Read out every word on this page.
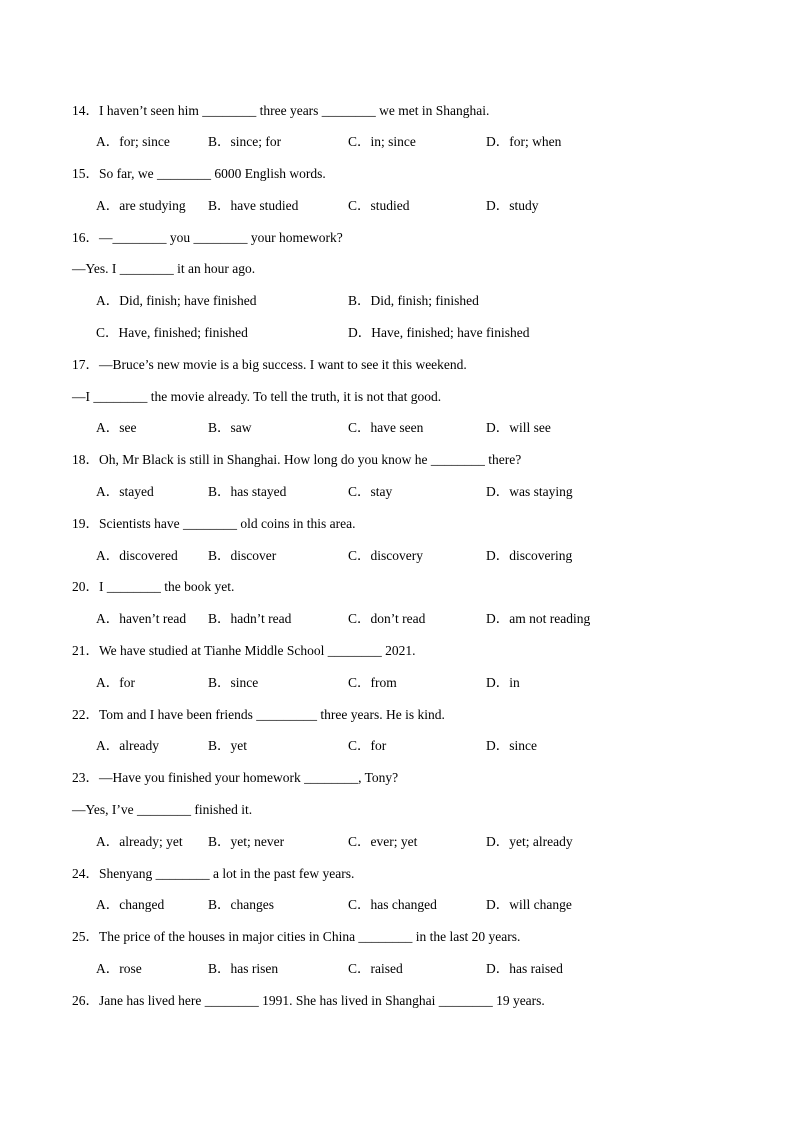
14．I haven’t seen him ________ three years ________ we met in Shanghai.
A．for; since	B．since; for	C．in; since	D．for; when
15．So far, we ________ 6000 English words.
A．are studying B．have studied	C．studied	D．study
16．—________ you ________ your homework?
—Yes. I ________ it an hour ago.
A．Did, finish; have finished	B．Did, finish; finished
C．Have, finished; finished	D．Have, finished; have finished
17．—Bruce’s new movie is a big success. I want to see it this weekend.
—I ________ the movie already. To tell the truth, it is not that good.
A．see	B．saw	C．have seen	D．will see
18．Oh, Mr Black is still in Shanghai. How long do you know he ________ there?
A．stayed	B．has stayed	C．stay	D．was staying
19．Scientists have ________ old coins in this area.
A．discovered B．discover	C．discovery	D．discovering
20．I ________ the book yet.
A．haven’t read B．hadn’t read	C．don’t read	D．am not reading
21．We have studied at Tianhe Middle School ________ 2021.
A．for	B．since	C．from	D．in
22．Tom and I have been friends _________ three years. He is kind.
A．already	B．yet	C．for	D．since
23．—Have you finished your homework ________, Tony?
—Yes, I’ve ________ finished it.
A．already; yet B．yet; never	C．ever; yet	D．yet; already
24．Shenyang ________ a lot in the past few years.
A．changed	B．changes	C．has changed	D．will change
25．The price of the houses in major cities in China ________ in the last 20 years.
A．rose	B．has risen	C．raised	D．has raised
26．Jane has lived here ________ 1991. She has lived in Shanghai ________ 19 years.
